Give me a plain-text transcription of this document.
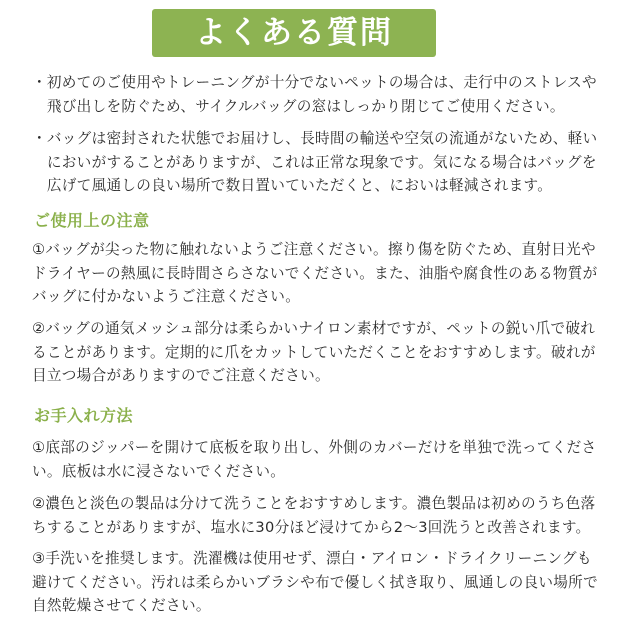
よくある質問
・初めてのご使用やトレーニングが十分でないペットの場合は、走行中のストレスや
　飛び出しを防ぐため、サイクルバッグの窓はしっかり閉じてご使用ください。
・バッグは密封された状態でお届けし、長時間の輸送や空気の流通がないため、軽い
　においがすることがありますが、これは正常な現象です。気になる場合はバッグを
　広げて風通しの良い場所で数日置いていただくと、においは軽減されます。
ご使用上の注意
①バッグが尖った物に触れないようご注意ください。擦り傷を防ぐため、直射日光や
ドライヤーの熱風に長時間さらさないでください。また、油脂や腐食性のある物質が
バッグに付かないようご注意ください。
②バッグの通気メッシュ部分は柔らかいナイロン素材ですが、ペットの鋭い爪で破れ
ることがあります。定期的に爪をカットしていただくことをおすすめします。破れが
目立つ場合がありますのでご注意ください。
お手入れ方法
①底部のジッパーを開けて底板を取り出し、外側のカバーだけを単独で洗ってくださ
い。底板は水に浸さないでください。
②濃色と淡色の製品は分けて洗うことをおすすめします。濃色製品は初めのうち色落
ちすることがありますが、塩水に30分ほど浸けてから2〜3回洗うと改善されます。
③手洗いを推奨します。洗濯機は使用せず、漂白・アイロン・ドライクリーニングも
避けてください。汚れは柔らかいブラシや布で優しく拭き取り、風通しの良い場所で
自然乾燥させてください。
